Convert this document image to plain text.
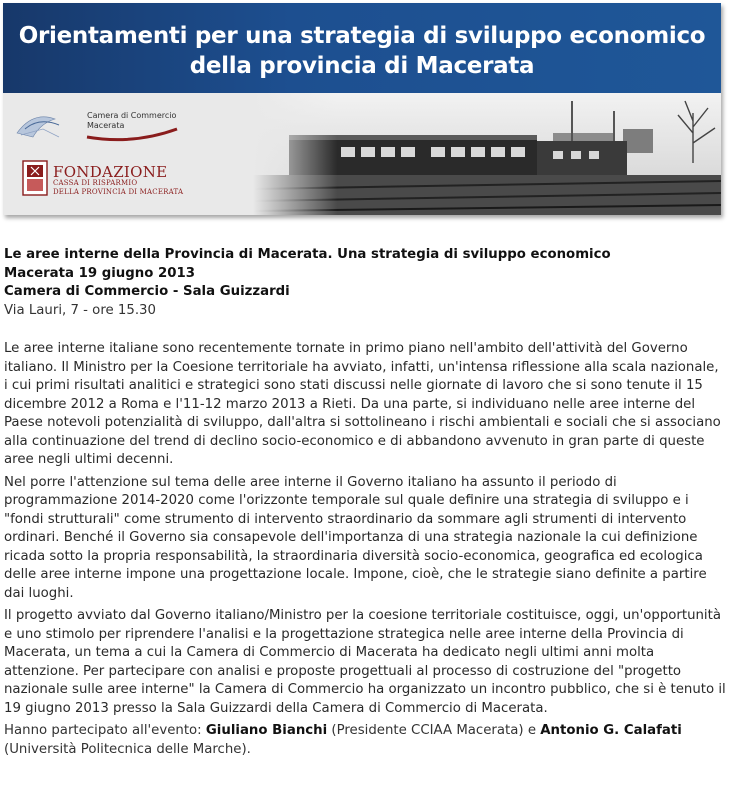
Orientamenti per una strategia di sviluppo economico
della provincia di Macerata
Camera di Commercio
Macerata
FONDAZIONE
CASSA DI RISPARMIO
DELLA PROVINCIA DI MACERATA
Le aree interne della Provincia di Macerata. Una strategia di sviluppo economico
Macerata 19 giugno 2013
Camera di Commercio - Sala Guizzardi
Via Lauri, 7 - ore 15.30

Le aree interne italiane sono recentemente tornate in primo piano nell'ambito dell'attività del Governo italiano. Il Ministro per la Coesione territoriale ha avviato, infatti, un'intensa riflessione alla scala nazionale, i cui primi risultati analitici e strategici sono stati discussi nelle giornate di lavoro che si sono tenute il 15 dicembre 2012 a Roma e l'11-12 marzo 2013 a Rieti. Da una parte, si individuano nelle aree interne del Paese notevoli potenzialità di sviluppo, dall'altra si sottolineano i rischi ambientali e sociali che si associano alla continuazione del trend di declino socio-economico e di abbandono avvenuto in gran parte di queste aree negli ultimi decenni.

Nel porre l'attenzione sul tema delle aree interne il Governo italiano ha assunto il periodo di programmazione 2014-2020 come l'orizzonte temporale sul quale definire una strategia di sviluppo e i "fondi strutturali" come strumento di intervento straordinario da sommare agli strumenti di intervento ordinari. Benché il Governo sia consapevole dell'importanza di una strategia nazionale la cui definizione ricada sotto la propria responsabilità, la straordinaria diversità socio-economica, geografica ed ecologica delle aree interne impone una progettazione locale. Impone, cioè, che le strategie siano definite a partire dai luoghi.

Il progetto avviato dal Governo italiano/Ministro per la coesione territoriale costituisce, oggi, un'opportunità e uno stimolo per riprendere l'analisi e la progettazione strategica nelle aree interne della Provincia di Macerata, un tema a cui la Camera di Commercio di Macerata ha dedicato negli ultimi anni molta attenzione. Per partecipare con analisi e proposte progettuali al processo di costruzione del "progetto nazionale sulle aree interne" la Camera di Commercio ha organizzato un incontro pubblico, che si è tenuto il 19 giugno 2013 presso la Sala Guizzardi della Camera di Commercio di Macerata.

Hanno partecipato all'evento: Giuliano Bianchi (Presidente CCIAA Macerata) e Antonio G. Calafati (Università Politecnica delle Marche).
